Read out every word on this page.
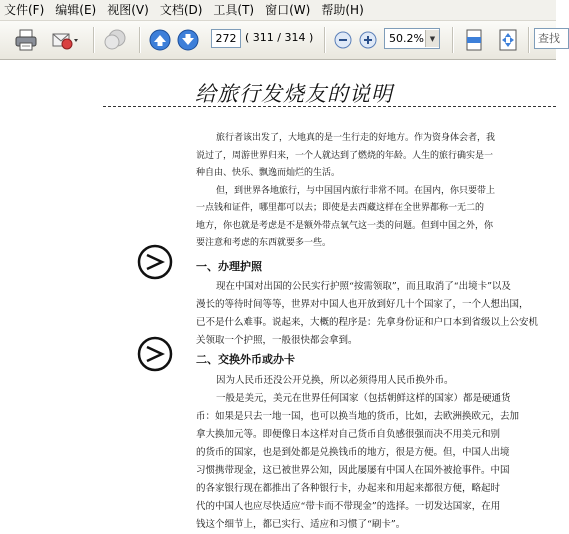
文件(F) 编辑(E) 视图(V) 文档(D) 工具(T) 窗口(W) 帮助(H)
272 ( 311 / 314 )	50.2% ▼	查找
给旅行发烧友的说明
旅行者该出发了，大地真的是一生行走的好地方。作为资身体会者，我
说过了，周游世界归来，一个人就达到了燃烧的年龄。人生的旅行确实是一
种自由、快乐、飘逸而灿烂的生活。
但，到世界各地旅行，与中国国内旅行非常不同。在国内，你只要带上
一点钱和证件，哪里都可以去；即使是去西藏这样在全世界都称一无二的
地方，你也就是考虑是不是额外带点氧气这一类的问题。但到中国之外，你
要注意和考虑的东西就要多一些。
一、办理护照
现在中国对出国的公民实行护照“按需领取”，而且取消了“出境卡”以及
漫长的等待时间等等，世界对中国人也开放到好几十个国家了，一个人想出国，
已不是什么难事。说起来，大概的程序是：先拿身份证和户口本到省级以上公安机
关领取一个护照，一般很快都会拿到。
二、交换外币或办卡
因为人民币还没公开兑换，所以必须得用人民币换外币。
一般是美元，美元在世界任何国家（包括朝鲜这样的国家）都是硬通货
币：如果是只去一地一国，也可以换当地的货币，比如，去欧洲换欧元，去加
拿大换加元等。即便像日本这样对自己货币自负感很强而决不用美元和别
的货币的国家，也是到处都是兑换钱币的地方，很是方便。但，中国人出境
习惯携带现金，这已被世界公知，因此屡屡有中国人在国外被抢事件。中国
的各家银行现在都推出了各种银行卡，办起来和用起来都很方便，略起时
代的中国人也应尽快适应“带卡而不带现金”的选择。一切发达国家，在用
钱这个细节上，都已实行、适应和习惯了“刷卡”。
